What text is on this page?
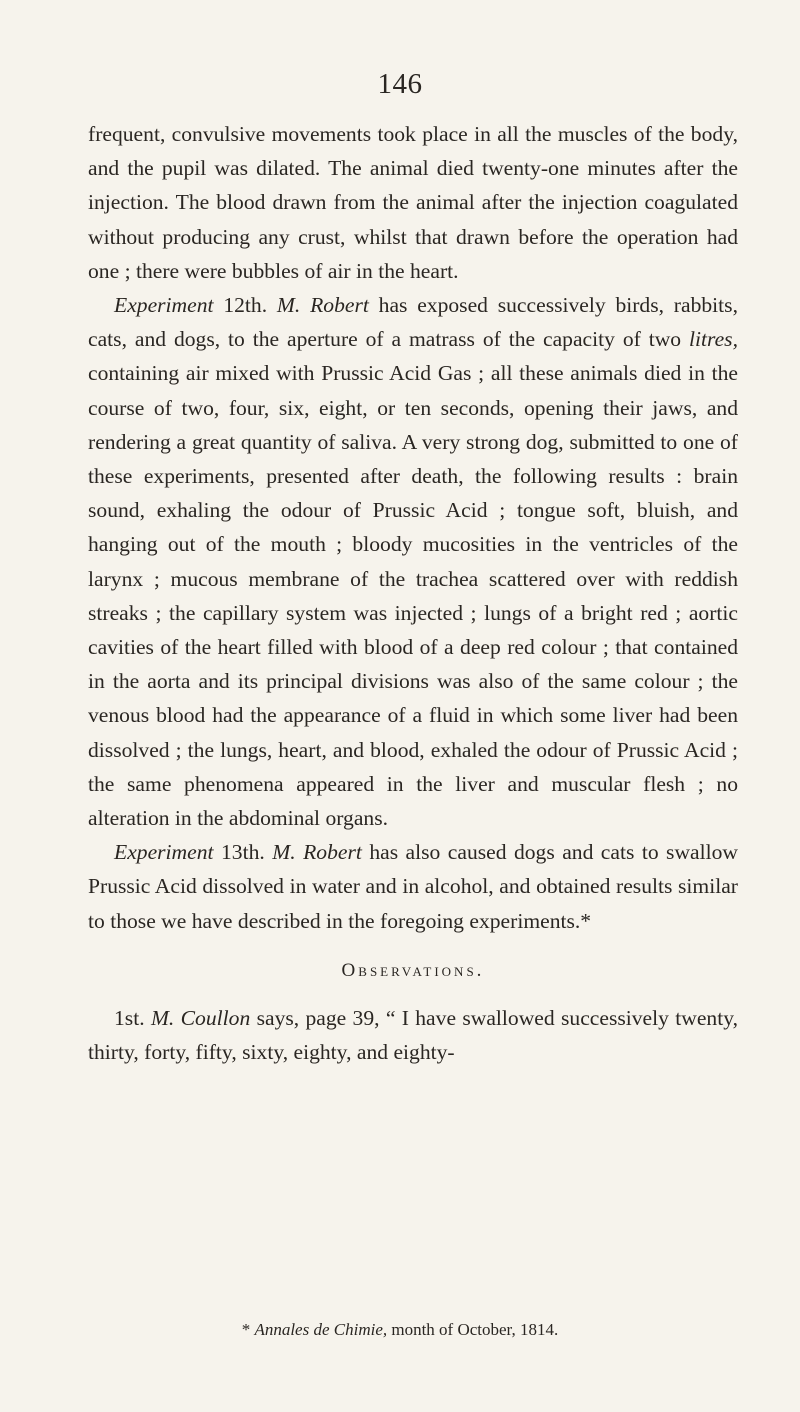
146

frequent, convulsive movements took place in all the muscles of the body, and the pupil was dilated. The animal died twenty-one minutes after the injection. The blood drawn from the animal after the injection coagulated without producing any crust, whilst that drawn before the operation had one ; there were bubbles of air in the heart.

Experiment 12th. M. Robert has exposed successively birds, rabbits, cats, and dogs, to the aperture of a matrass of the capacity of two litres, containing air mixed with Prussic Acid Gas ; all these animals died in the course of two, four, six, eight, or ten seconds, opening their jaws, and rendering a great quantity of saliva. A very strong dog, submitted to one of these experiments, presented after death, the following results : brain sound, exhaling the odour of Prussic Acid ; tongue soft, bluish, and hanging out of the mouth ; bloody mucosities in the ventricles of the larynx ; mucous membrane of the trachea scattered over with reddish streaks ; the capillary system was injected ; lungs of a bright red ; aortic cavities of the heart filled with blood of a deep red colour ; that contained in the aorta and its principal divisions was also of the same colour ; the venous blood had the appearance of a fluid in which some liver had been dissolved ; the lungs, heart, and blood, exhaled the odour of Prussic Acid ; the same phenomena appeared in the liver and muscular flesh ; no alteration in the abdominal organs.

Experiment 13th. M. Robert has also caused dogs and cats to swallow Prussic Acid dissolved in water and in alcohol, and obtained results similar to those we have described in the foregoing experiments.*

Observations.

1st. M. Coullon says, page 39, “ I have swallowed successively twenty, thirty, forty, fifty, sixty, eighty, and eighty-

* Annales de Chimie, month of October, 1814.
